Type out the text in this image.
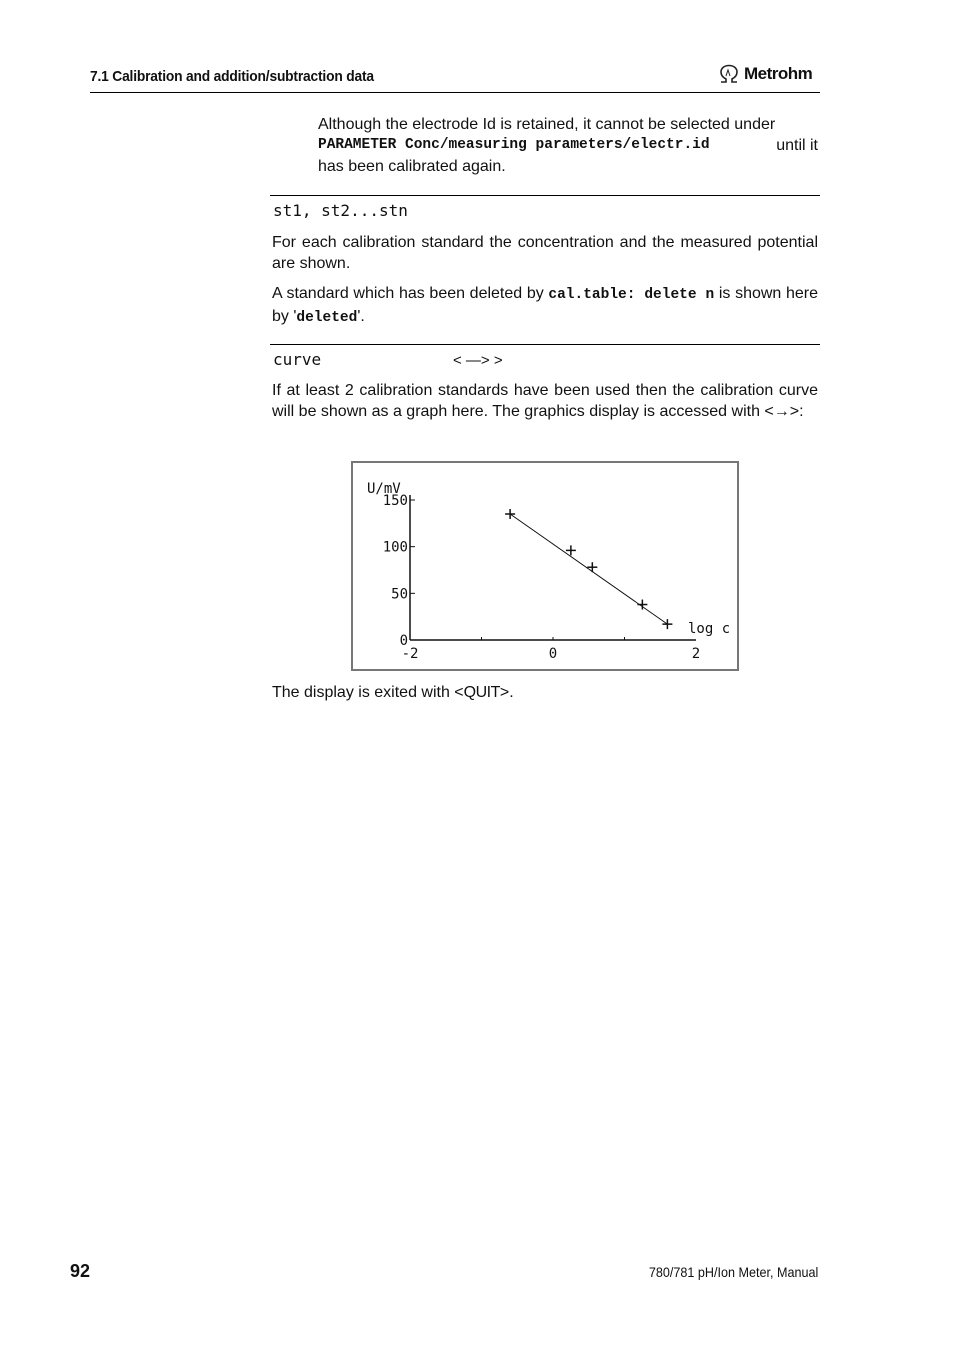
7.1 Calibration and addition/subtraction data	Metrohm
Although the electrode Id is retained, it cannot be selected under
PARAMETER Conc/measuring parameters/electr.id	until it
has been calibrated again.
st1, st2...stn
For each calibration standard the concentration and the measured potential are shown.
A standard which has been deleted by cal.table: delete n is shown here by 'deleted'.
curve	< —> >
If at least 2 calibration standards have been used then the calibration curve will be shown as a graph here. The graphics display is accessed with <→>:
U/mV
log c
0
50
100
150
-2	0	2
The display is exited with <QUIT>.
92	780/781 pH/Ion Meter, Manual
